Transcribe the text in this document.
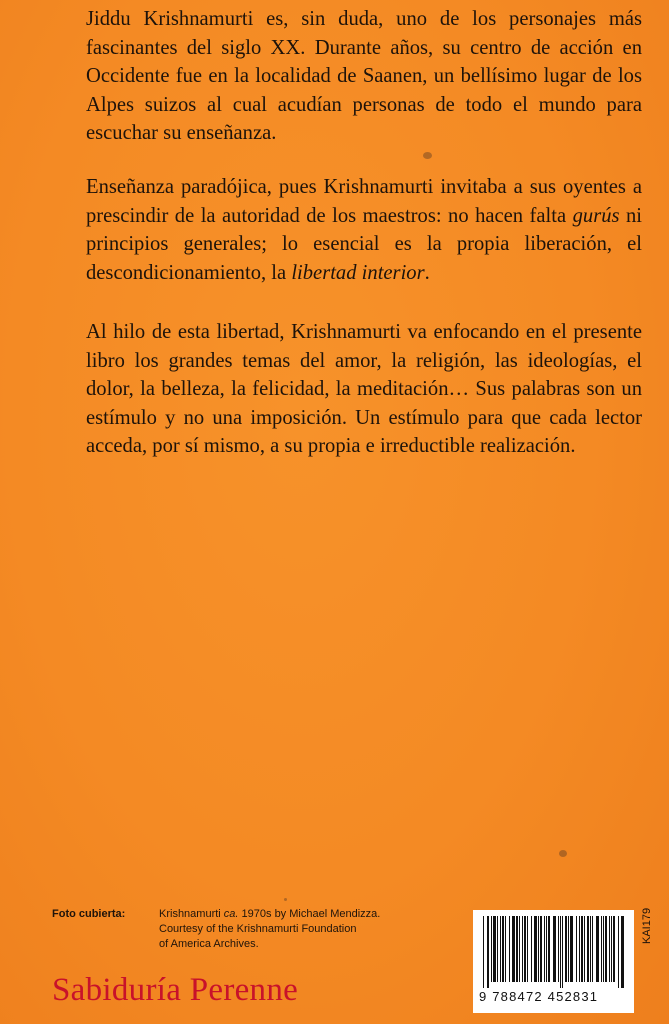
Jiddu Krishnamurti es, sin duda, uno de los personajes más fascinantes del siglo XX. Durante años, su centro de acción en Occidente fue en la localidad de Saanen, un bellísimo lugar de los Alpes suizos al cual acudían personas de todo el mundo para escuchar su enseñanza.

Enseñanza paradójica, pues Krishnamurti invitaba a sus oyentes a prescindir de la autoridad de los maestros: no hacen falta gurús ni principios generales; lo esencial es la propia liberación, el descondicionamiento, la libertad interior.

Al hilo de esta libertad, Krishnamurti va enfocando en el presente libro los grandes temas del amor, la religión, las ideologías, el dolor, la belleza, la felicidad, la meditación… Sus palabras son un estímulo y no una imposición. Un estímulo para que cada lector acceda, por sí mismo, a su propia e irreductible realización.

Foto cubierta:	Krishnamurti ca. 1970s by Michael Mendizza.
Courtesy of the Krishnamurti Foundation
of America Archives.
Sabiduría Perenne	9 788472 452831
KAI179
